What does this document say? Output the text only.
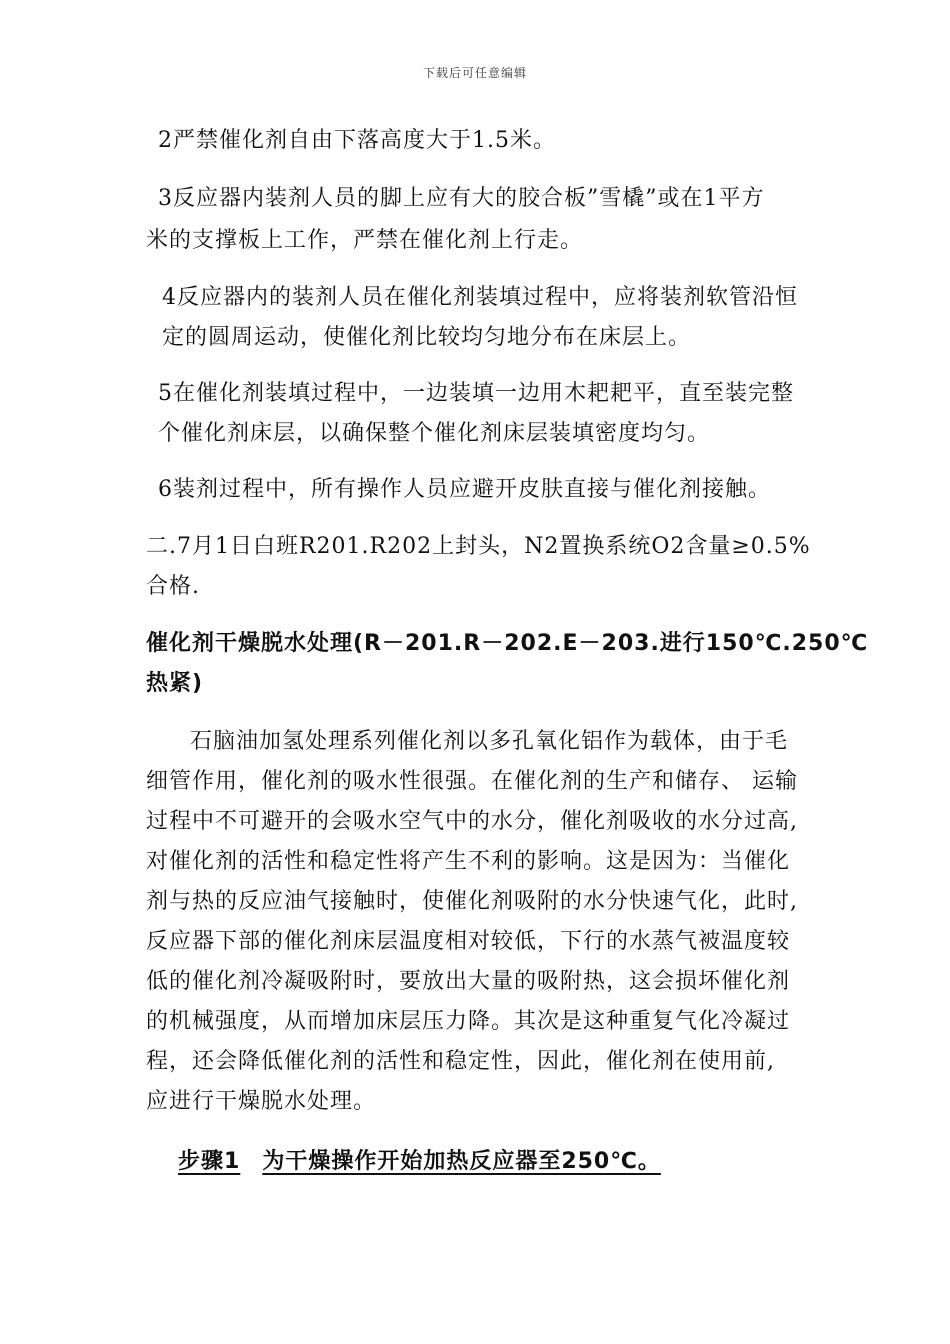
下载后可任意编辑
2严禁催化剂自由下落高度大于1.5米。
3反应器内装剂人员的脚上应有大的胶合板”雪橇”或在1平方
米的支撑板上工作，严禁在催化剂上行走。
4反应器内的装剂人员在催化剂装填过程中，应将装剂软管沿恒
定的圆周运动，使催化剂比较均匀地分布在床层上。
5在催化剂装填过程中，一边装填一边用木耙耙平，直至装完整
个催化剂床层，以确保整个催化剂床层装填密度均匀。
6装剂过程中，所有操作人员应避开皮肤直接与催化剂接触。
二.7月1日白班R201.R202上封头，N2置换系统O2含量≥0.5%
合格.
催化剂干燥脱水处理(R－201.R－202.E－203.进行150℃.250℃
热紧)
石脑油加氢处理系列催化剂以多孔氧化铝作为载体，由于毛
细管作用，催化剂的吸水性很强。在催化剂的生产和储存、 运输
过程中不可避开的会吸水空气中的水分，催化剂吸收的水分过高,
对催化剂的活性和稳定性将产生不利的影响。这是因为：当催化
剂与热的反应油气接触时，使催化剂吸附的水分快速气化，此时,
反应器下部的催化剂床层温度相对较低，下行的水蒸气被温度较
低的催化剂冷凝吸附时，要放出大量的吸附热，这会损坏催化剂
的机械强度，从而增加床层压力降。其次是这种重复气化冷凝过
程，还会降低催化剂的活性和稳定性，因此，催化剂在使用前,
应进行干燥脱水处理。
步骤1 为干燥操作开始加热反应器至250℃。
